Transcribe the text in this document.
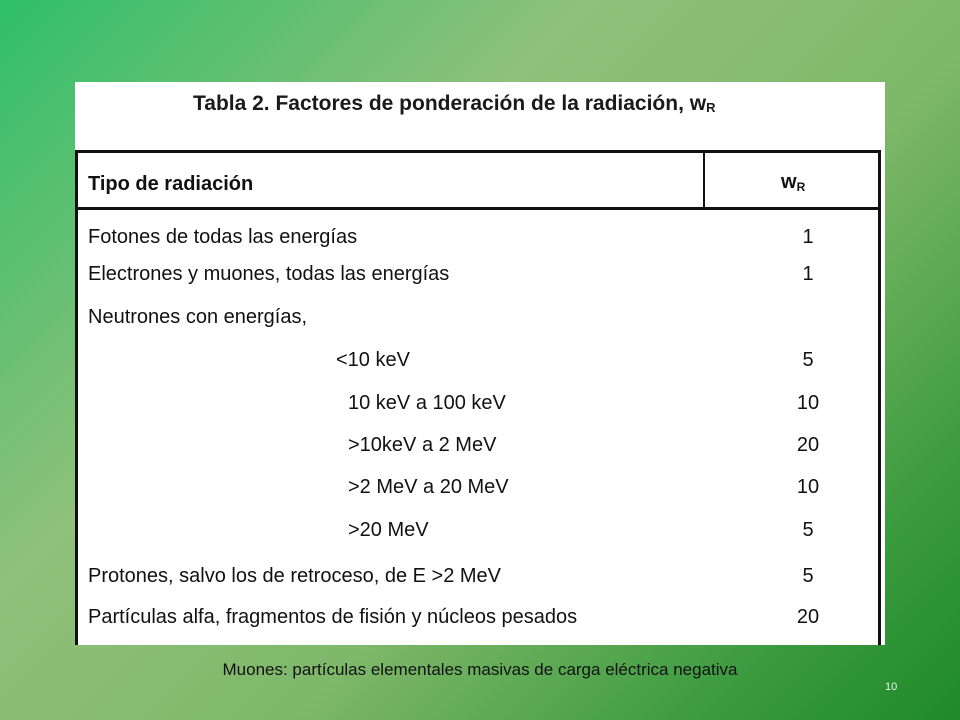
Tabla 2. Factores de ponderación de la radiación, $w_R$
Tipo de radiación	$w_R$
Fotones de todas las energías	1
Electrones y muones, todas las energías	1
Neutrones con energías,
<10 keV	5
10 keV a 100 keV	10
>10keV a 2 MeV	20
>2 MeV a 20 MeV	10
>20 MeV	5
Protones, salvo los de retroceso, de E >2 MeV	5
Partículas alfa, fragmentos de fisión y núcleos pesados	20
Muones: partículas elementales masivas de carga eléctrica negativa
10
